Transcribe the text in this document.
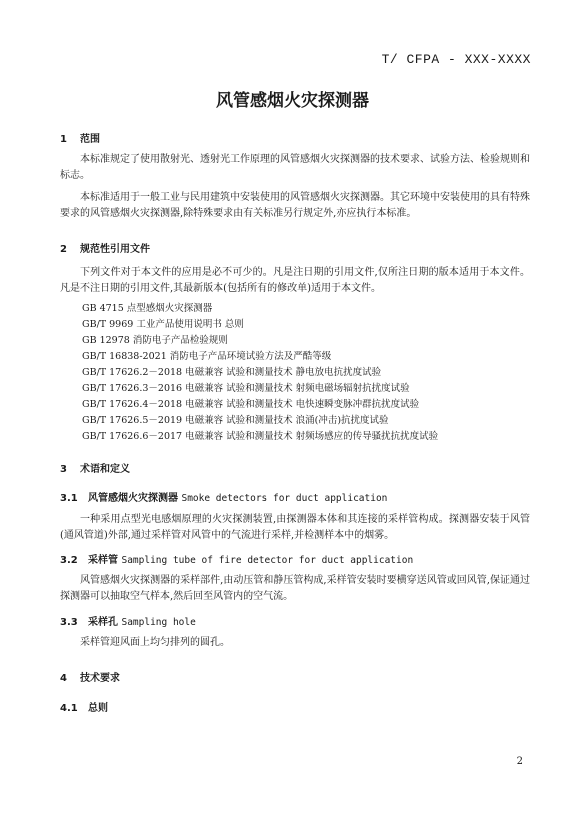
T/ CFPA - XXX-XXXX
风管感烟火灾探测器
1 范围
本标准规定了使用散射光、透射光工作原理的风管感烟火灾探测器的技术要求、试验方法、检验规则和标志。
本标准适用于一般工业与民用建筑中安装使用的风管感烟火灾探测器。其它环境中安装使用的具有特殊要求的风管感烟火灾探测器,除特殊要求由有关标准另行规定外,亦应执行本标准。
2 规范性引用文件
下列文件对于本文件的应用是必不可少的。凡是注日期的引用文件,仅所注日期的版本适用于本文件。凡是不注日期的引用文件,其最新版本(包括所有的修改单)适用于本文件。
GB 4715 点型感烟火灾探测器
GB/T 9969 工业产品使用说明书 总则
GB 12978 消防电子产品检验规则
GB/T 16838-2021 消防电子产品环境试验方法及严酷等级
GB/T 17626.2－2018 电磁兼容 试验和测量技术 静电放电抗扰度试验
GB/T 17626.3－2016 电磁兼容 试验和测量技术 射频电磁场辐射抗扰度试验
GB/T 17626.4－2018 电磁兼容 试验和测量技术 电快速瞬变脉冲群抗扰度试验
GB/T 17626.5－2019 电磁兼容 试验和测量技术 浪涌(冲击)抗扰度试验
GB/T 17626.6－2017 电磁兼容 试验和测量技术 射频场感应的传导骚扰抗扰度试验
3 术语和定义
3.1 风管感烟火灾探测器 Smoke detectors for duct application
一种采用点型光电感烟原理的火灾探测装置,由探测器本体和其连接的采样管构成。探测器安装于风管(通风管道)外部,通过采样管对风管中的气流进行采样,并检测样本中的烟雾。
3.2 采样管 Sampling tube of fire detector for duct application
风管感烟火灾探测器的采样部件,由动压管和静压管构成,采样管安装时要横穿送风管或回风管,保证通过探测器可以抽取空气样本,然后回至风管内的空气流。
3.3 采样孔 Sampling hole
采样管迎风面上均匀排列的圆孔。
4 技术要求
4.1 总则
2
